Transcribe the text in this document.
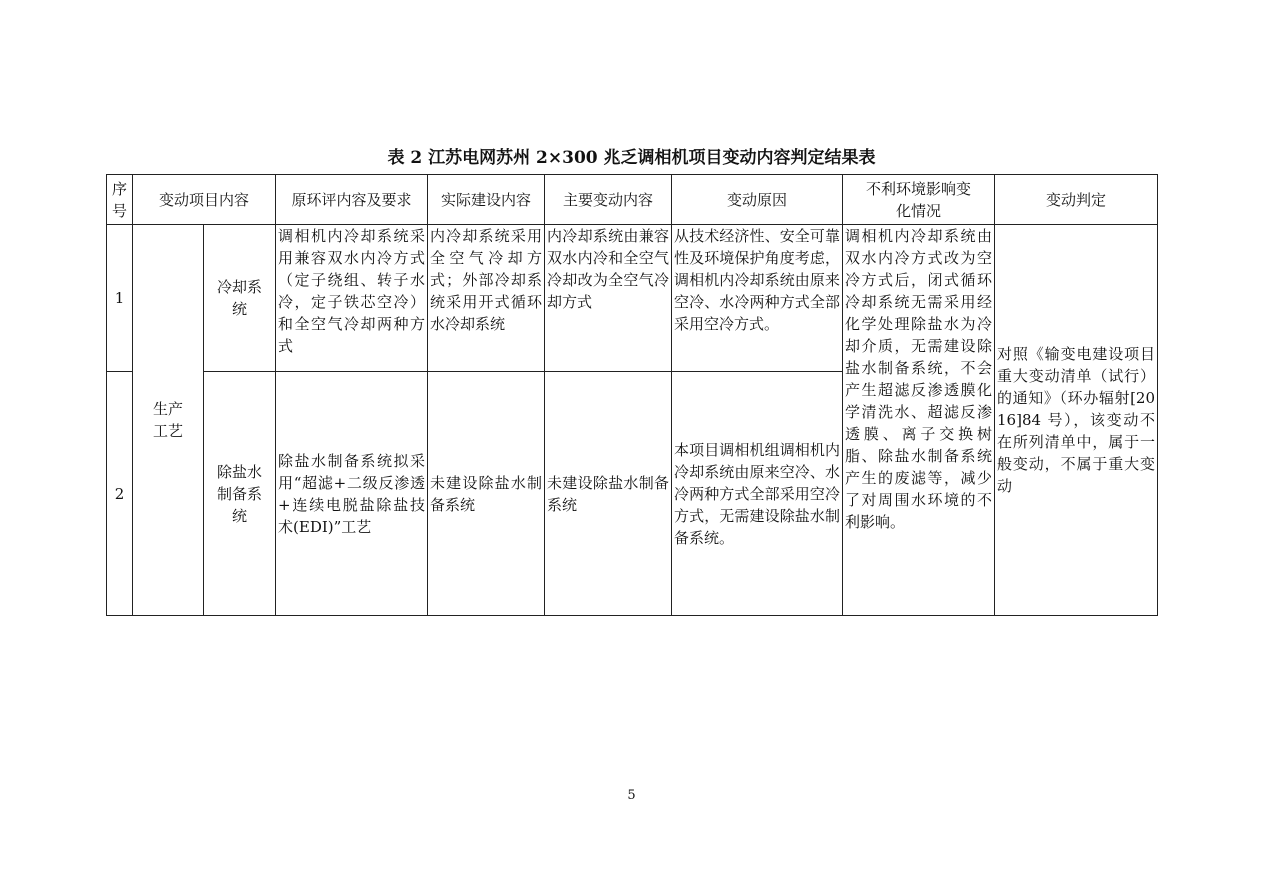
表 2 江苏电网苏州 2×300 兆乏调相机项目变动内容判定结果表
序号	变动项目内容		原环评内容及要求	实际建设内容	主要变动内容	变动原因	不利环境影响变化情况	变动判定
1	生产工艺	冷却系统	调相机内冷却系统采用兼容双水内冷方式（定子绕组、转子水冷，定子铁芯空冷）和全空气冷却两种方式	内冷却系统采用全空气冷却方式；外部冷却系统采用开式循环水冷却系统	内冷却系统由兼容双水内冷和全空气冷却改为全空气冷却方式	从技术经济性、安全可靠性及环境保护角度考虑，调相机内冷却系统由原来空冷、水冷两种方式全部采用空冷方式。	调相机内冷却系统由双水内冷方式改为空冷方式后，闭式循环冷却系统无需采用经化学处理除盐水为冷却介质，无需建设除盐水制备系统，不会产生超滤反渗透膜化学清洗水、超滤反渗透膜、离子交换树脂、除盐水制备系统产生的废滤等，减少了对周围水环境的不利影响。	对照《输变电建设项目重大变动清单（试行）的通知》（环办辐射[2016]84 号），该变动不在所列清单中，属于一般变动，不属于重大变动
2		除盐水制备系统	除盐水制备系统拟采用“超滤+二级反渗透+连续电脱盐除盐技术(EDI)”工艺	未建设除盐水制备系统	未建设除盐水制备系统	本项目调相机组调相机内冷却系统由原来空冷、水冷两种方式全部采用空冷方式，无需建设除盐水制备系统。		
5
